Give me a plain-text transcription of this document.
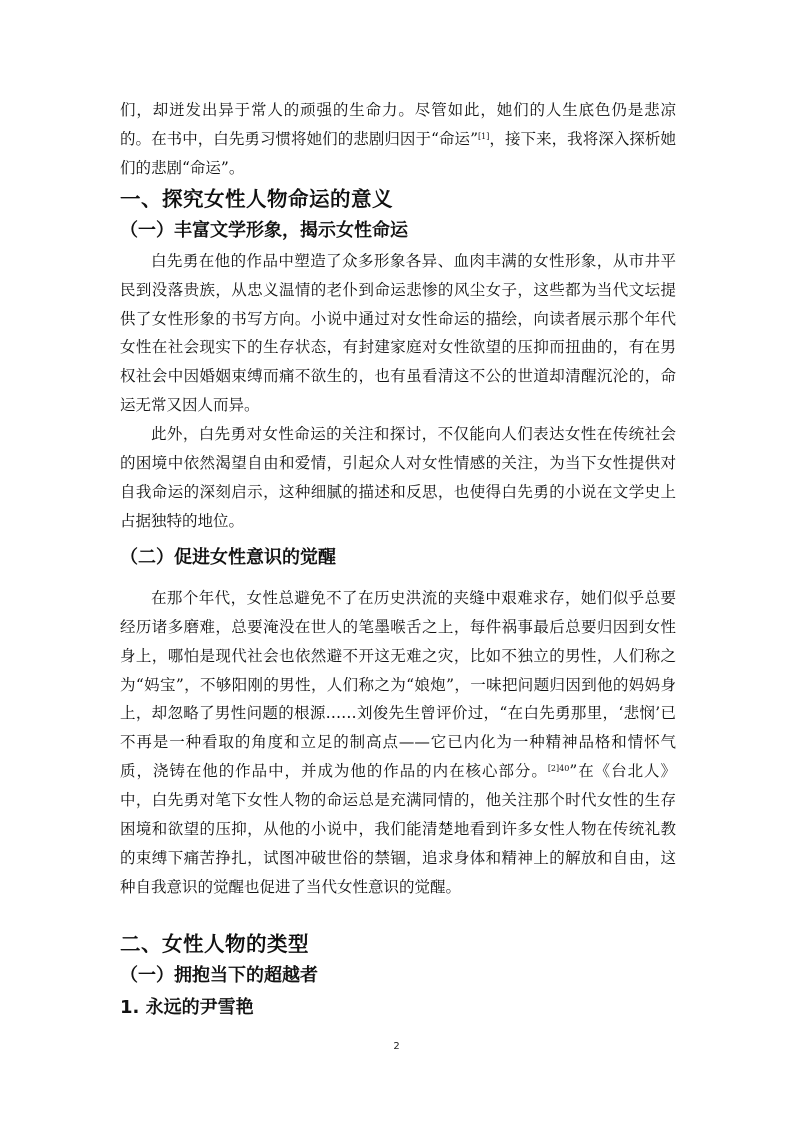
们，却迸发出异于常人的顽强的生命力。尽管如此，她们的人生底色仍是悲凉的。在书中，白先勇习惯将她们的悲剧归因于“命运”[1]，接下来，我将深入探析她们的悲剧“命运”。

一、探究女性人物命运的意义
（一）丰富文学形象，揭示女性命运

白先勇在他的作品中塑造了众多形象各异、血肉丰满的女性形象，从市井平民到没落贵族，从忠义温情的老仆到命运悲惨的风尘女子，这些都为当代文坛提供了女性形象的书写方向。小说中通过对女性命运的描绘，向读者展示那个年代女性在社会现实下的生存状态，有封建家庭对女性欲望的压抑而扭曲的，有在男权社会中因婚姻束缚而痛不欲生的，也有虽看清这不公的世道却清醒沉沦的，命运无常又因人而异。

此外，白先勇对女性命运的关注和探讨，不仅能向人们表达女性在传统社会的困境中依然渴望自由和爱情，引起众人对女性情感的关注，为当下女性提供对自我命运的深刻启示，这种细腻的描述和反思，也使得白先勇的小说在文学史上占据独特的地位。

（二）促进女性意识的觉醒

在那个年代，女性总避免不了在历史洪流的夹缝中艰难求存，她们似乎总要经历诸多磨难，总要淹没在世人的笔墨喉舌之上，每件祸事最后总要归因到女性身上，哪怕是现代社会也依然避不开这无难之灾，比如不独立的男性，人们称之为“妈宝”，不够阳刚的男性，人们称之为“娘炮”，一味把问题归因到他的妈妈身上，却忽略了男性问题的根源……刘俊先生曾评价过，“在白先勇那里，‘悲悯’已不再是一种看取的角度和立足的制高点——它已内化为一种精神品格和情怀气质，浇铸在他的作品中，并成为他的作品的内在核心部分。$^{[2]40}$”在《台北人》中，白先勇对笔下女性人物的命运总是充满同情的，他关注那个时代女性的生存困境和欲望的压抑，从他的小说中，我们能清楚地看到许多女性人物在传统礼教的束缚下痛苦挣扎，试图冲破世俗的禁锢，追求身体和精神上的解放和自由，这种自我意识的觉醒也促进了当代女性意识的觉醒。

二、女性人物的类型
（一）拥抱当下的超越者
1. 永远的尹雪艳
2
